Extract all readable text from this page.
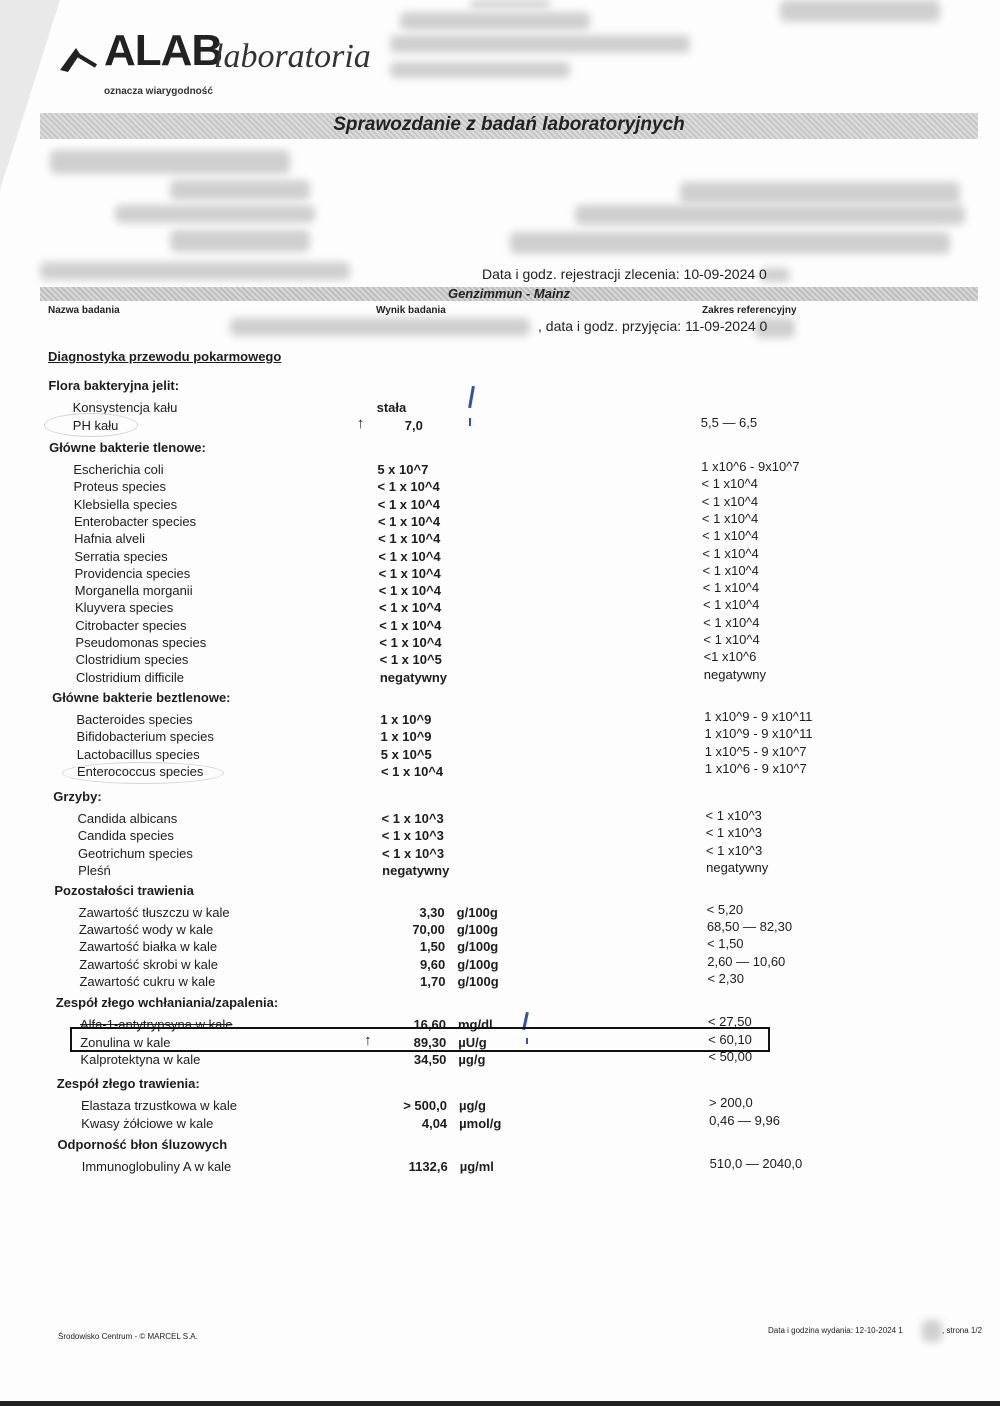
ALAB
laboratoria
oznacza wiarygodność
Sprawozdanie z badań laboratoryjnych
Data i godz. rejestracji zlecenia: 10-09-2024 0
Genzimmun - Mainz
Nazwa badania	Wynik badania	Zakres referencyjny
, data i godz. przyjęcia: 11-09-2024 0
Diagnostyka przewodu pokarmowego
Flora bakteryjna jelit:
Konsystencja kału	stała
PH kału	↑	7,0	5,5 — 6,5
Główne bakterie tlenowe:
Escherichia coli	5 x 10^7	1 x10^6 - 9x10^7
Proteus species	< 1 x 10^4	< 1 x10^4
Klebsiella species	< 1 x 10^4	< 1 x10^4
Enterobacter species	< 1 x 10^4	< 1 x10^4
Hafnia alveli	< 1 x 10^4	< 1 x10^4
Serratia species	< 1 x 10^4	< 1 x10^4
Providencia species	< 1 x 10^4	< 1 x10^4
Morganella morganii	< 1 x 10^4	< 1 x10^4
Kluyvera species	< 1 x 10^4	< 1 x10^4
Citrobacter species	< 1 x 10^4	< 1 x10^4
Pseudomonas species	< 1 x 10^4	< 1 x10^4
Clostridium species	< 1 x 10^5	<1 x10^6
Clostridium difficile	negatywny	negatywny
Główne bakterie beztlenowe:
Bacteroides species	1 x 10^9	1 x10^9 - 9 x10^11
Bifidobacterium species	1 x 10^9	1 x10^9 - 9 x10^11
Lactobacillus species	5 x 10^5	1 x10^5 - 9 x10^7
Enterococcus species	< 1 x 10^4	1 x10^6 - 9 x10^7
Grzyby:
Candida albicans	< 1 x 10^3	< 1 x10^3
Candida species	< 1 x 10^3	< 1 x10^3
Geotrichum species	< 1 x 10^3	< 1 x10^3
Pleśń	negatywny	negatywny
Pozostałości trawienia
Zawartość tłuszczu w kale	3,30 g/100g	< 5,20
Zawartość wody w kale	70,00 g/100g	68,50 — 82,30
Zawartość białka w kale	1,50 g/100g	< 1,50
Zawartość skrobi w kale	9,60 g/100g	2,60 — 10,60
Zawartość cukru w kale	1,70 g/100g	< 2,30
Zespół złego wchłaniania/zapalenia:
Alfa-1-antytrypsyna w kale	16,60 mg/dl	< 27,50
Zonulina w kale	↑	89,30 µU/g	< 60,10
Kalprotektyna w kale	34,50 µg/g	< 50,00
Zespół złego trawienia:
Elastaza trzustkowa w kale	> 500,0 µg/g	> 200,0
Kwasy żółciowe w kale	4,04 µmol/g	0,46 — 9,96
Odporność błon śluzowych
Immunoglobuliny A w kale	1132,6 µg/ml	510,0 — 2040,0
Środowisko Centrum - © MARCEL S.A.
Data i godzina wydania: 12-10-2024 1	, strona 1/2
